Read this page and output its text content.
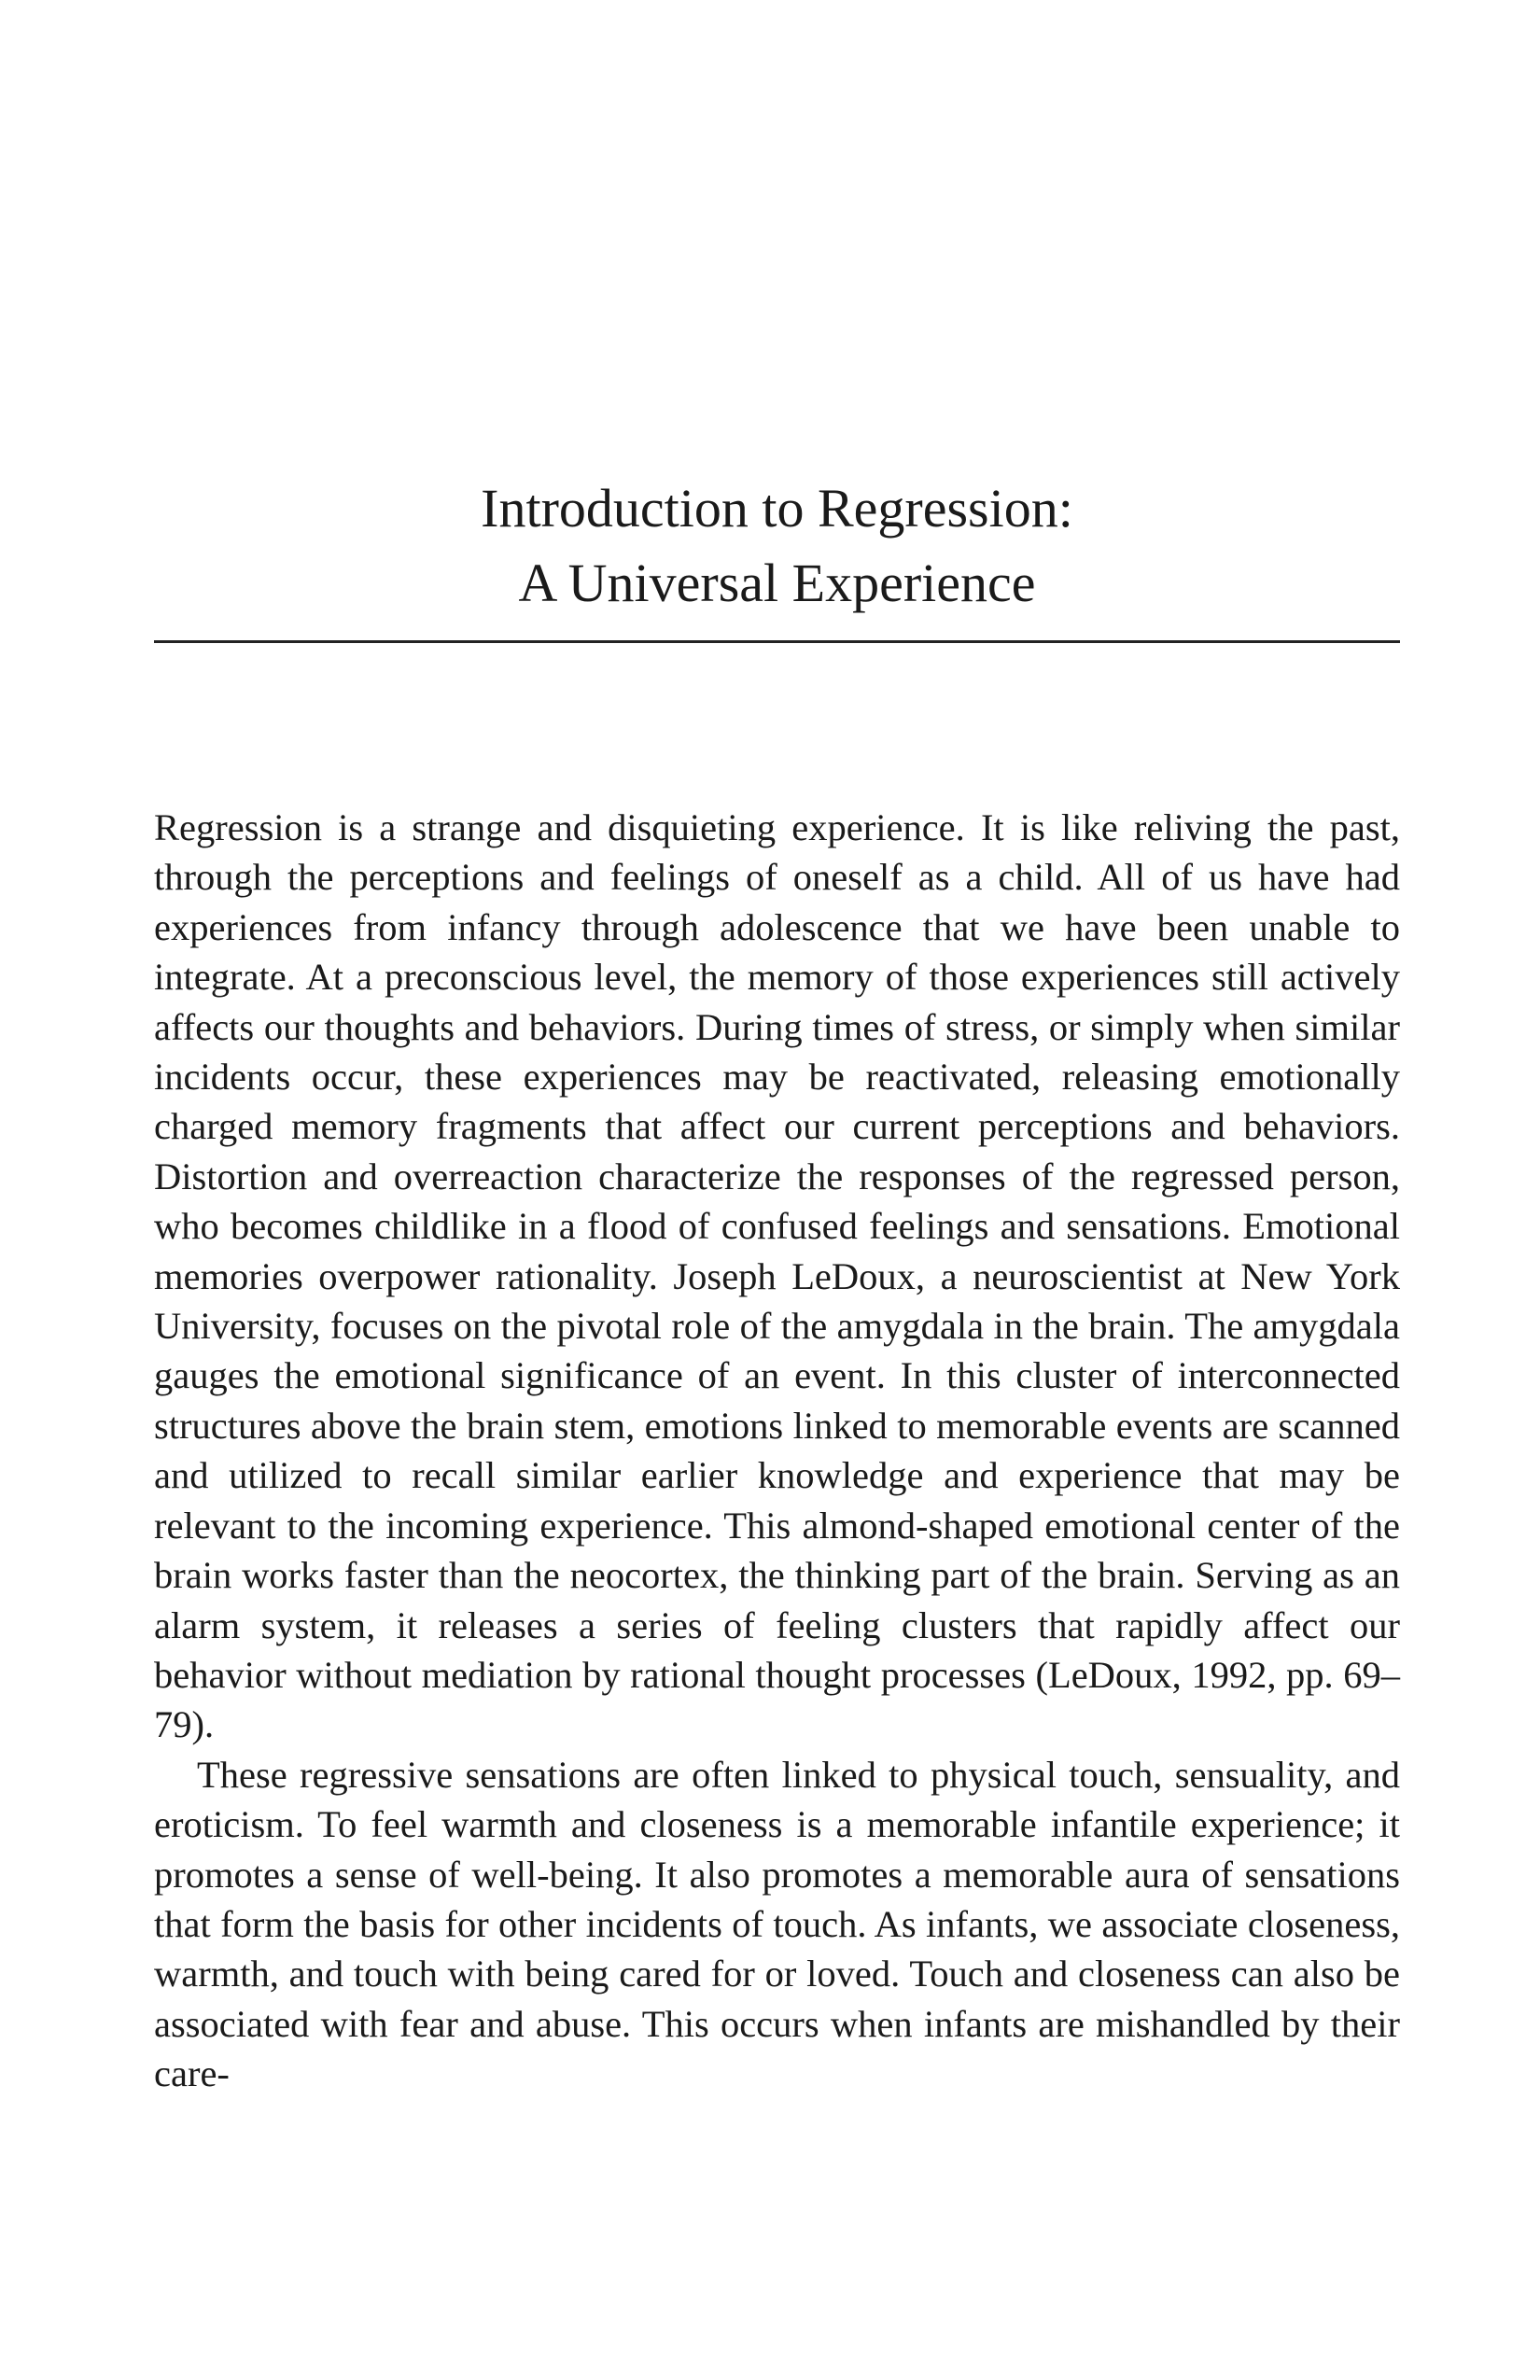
Introduction to Regression:
A Universal Experience

Regression is a strange and disquieting experience. It is like reliving the past, through the perceptions and feelings of oneself as a child. All of us have had experiences from infancy through adolescence that we have been unable to integrate. At a preconscious level, the memory of those experiences still actively affects our thoughts and behaviors. During times of stress, or simply when similar incidents occur, these experiences may be reactivated, releasing emotionally charged memory fragments that affect our current perceptions and behaviors. Distortion and overreaction characterize the responses of the regressed person, who becomes childlike in a flood of confused feelings and sensations. Emotional memories overpower rationality. Joseph LeDoux, a neuroscientist at New York University, focuses on the pivotal role of the amygdala in the brain. The amygdala gauges the emotional significance of an event. In this cluster of interconnected structures above the brain stem, emotions linked to memorable events are scanned and utilized to recall similar earlier knowledge and experience that may be relevant to the incoming experience. This almond-shaped emotional center of the brain works faster than the neocortex, the thinking part of the brain. Serving as an alarm system, it releases a series of feeling clusters that rapidly affect our behavior without mediation by rational thought processes (LeDoux, 1992, pp. 69–79).

These regressive sensations are often linked to physical touch, sensuality, and eroticism. To feel warmth and closeness is a memorable infantile experience; it promotes a sense of well-being. It also promotes a memorable aura of sensations that form the basis for other incidents of touch. As infants, we associate closeness, warmth, and touch with being cared for or loved. Touch and closeness can also be associated with fear and abuse. This occurs when infants are mishandled by their care-
